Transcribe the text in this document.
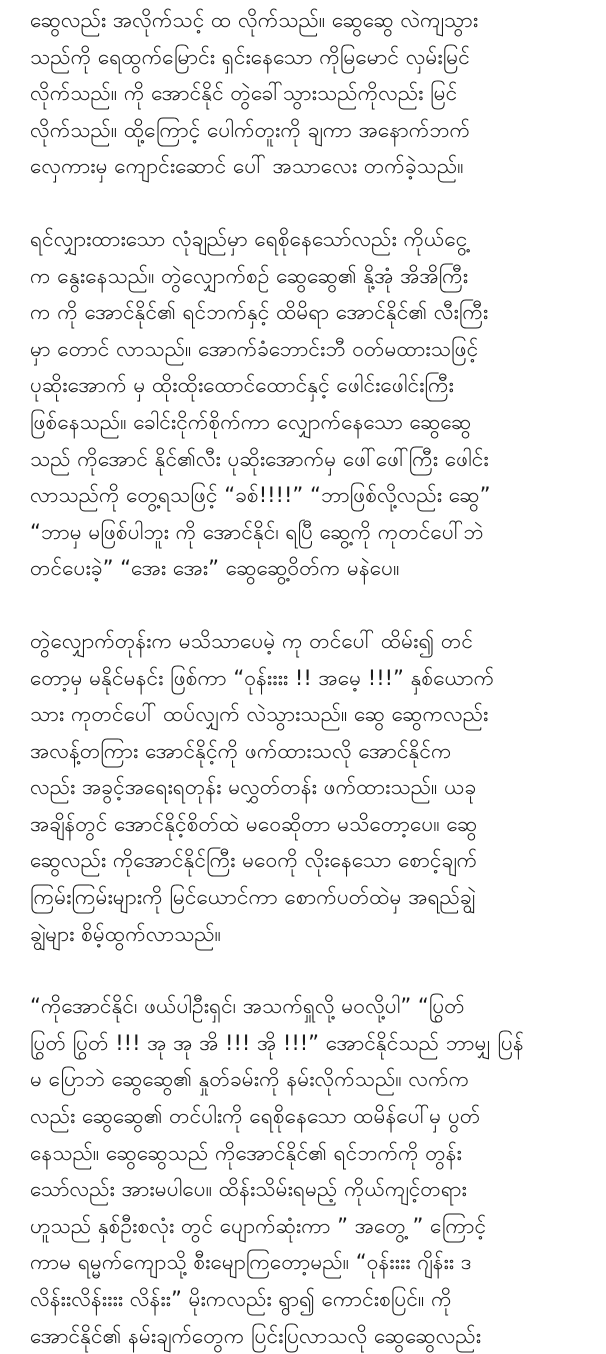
ဆွေလည်း အလိုက်သင့် ထ လိုက်သည်။ ဆွေဆွေ လဲကျသွား
သည်ကို ရေထွက်မြောင်း ရှင်းနေသော ကိုမြမောင် လှမ်းမြင်
လိုက်သည်။ ကို အောင်နိုင် တွဲခေါ်သွားသည်ကိုလည်း မြင်
လိုက်သည်။ ထို့ကြောင့် ပေါက်တူးကို ချကာ အနောက်ဘက်
လှေကားမှ ကျောင်းဆောင် ပေါ် အသာလေး တက်ခဲ့သည်။
ရင်လျှားထားသော လုံချည်မှာ ရေစိုနေသော်လည်း ကိုယ်ငွေ့
က နွေးနေသည်။ တွဲလျှောက်စဉ် ဆွေဆွေ၏ နို့အုံ အိအိကြီး
က ကို အောင်နိုင်၏ ရင်ဘက်နှင့် ထိမိရာ အောင်နိုင်၏ လီးကြီး
မှာ တောင် လာသည်။ အောက်ခံဘောင်းဘီ ဝတ်မထားသဖြင့်
ပုဆိုးအောက် မှ ထိုးထိုးထောင်ထောင်နှင့် ဖေါင်းဖေါင်းကြီး
ဖြစ်နေသည်။ ခေါင်းငိုက်စိုက်ကာ လျှောက်နေသော ဆွေဆွေ
သည် ကိုအောင် နိုင်၏လီး ပုဆိုးအောက်မှ ဖေါ်ဖေါ်ကြီး ဖေါင်း
လာသည်ကို တွေ့ရသဖြင့် “ခစ်!!!!” “ဘာဖြစ်လို့လည်း ဆွေ”
“ဘာမှ မဖြစ်ပါဘူး ကို အောင်နိုင်၊ ရပြီ ဆွေ့ကို ကုတင်ပေါ်ဘဲ
တင်ပေးခဲ့” “အေး အေး” ဆွေဆွေ့ဝိတ်က မနဲပေ။
တွဲလျှောက်တုန်းက မသိသာပေမဲ့ ကု တင်ပေါ် ထိမ်း၍ တင်
တော့မှ မနိုင်မနင်း ဖြစ်ကာ “ဝုန်းးးး !! အမေ့ !!!” နှစ်ယောက်
သား ကုတင်ပေါ် ထပ်လျှက် လဲသွားသည်။ ဆွေ ဆွေကလည်း
အလန့်တကြား အောင်နိုင့်ကို ဖက်ထားသလို အောင်နိုင်က
လည်း အခွင့်အရေးရတုန်း မလွှတ်တန်း ဖက်ထားသည်။ ယခု
အချိန်တွင် အောင်နိုင့်စိတ်ထဲ မဝေဆိုတာ မသိတော့ပေ။ ဆွေ
ဆွေလည်း ကိုအောင်နိုင်ကြီး မဝေကို လိုးနေသော စောင့်ချက်
ကြမ်းကြမ်းများကို မြင်ယောင်ကာ စောက်ပတ်ထဲမှ အရည်ချွဲ
ချွဲများ စိမ့်ထွက်လာသည်။
“ကိုအောင်နိုင်၊ ဖယ်ပါဦးရှင်၊ အသက်ရှူလို့ မဝလို့ပါ” “ပြွတ်
ပြွတ် ပြွတ် !!! အု အု အိ !!! အို !!!” အောင်နိုင်သည် ဘာမျှ ပြန်
မ ပြောဘဲ ဆွေဆွေ၏ နှုတ်ခမ်းကို နမ်းလိုက်သည်။ လက်က
လည်း ဆွေဆွေ၏ တင်ပါးကို ရေစိုနေသော ထမိန်ပေါ်မှ ပွတ်
နေသည်။ ဆွေဆွေသည် ကိုအောင်နိုင်၏ ရင်ဘက်ကို တွန်း
သော်လည်း အားမပါပေ။ ထိန်းသိမ်းရမည့် ကိုယ်ကျင့်တရား
ဟူသည် နှစ်ဦးစလုံး တွင် ပျောက်ဆုံးကာ ” အတွေ့ ” ကြောင့်
ကာမ ရမ္မက်ကျောသို့ စီးမျောကြတော့မည်။ “ဝုန်းးးး ဂျိန်းး ဒ
လိန်းးလိန်းးးး လိန်းး” မိုးကလည်း ရွာ၍ ကောင်းစပြင်။ ကို
အောင်နိုင်၏ နမ်းချက်တွေက ပြင်းပြလာသလို ဆွေဆွေလည်း
